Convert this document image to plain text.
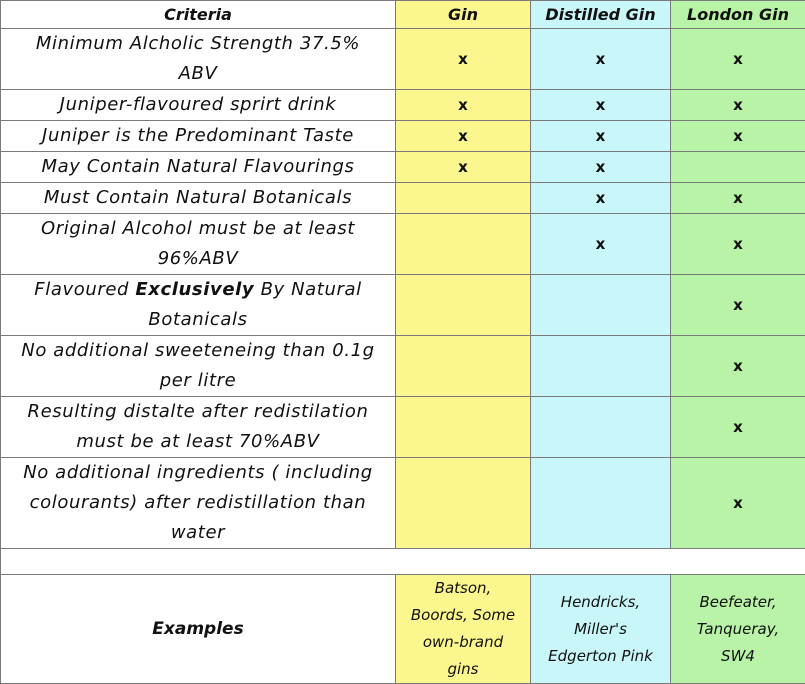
Criteria	Gin	Distilled Gin	London Gin

Minimum Alcholic Strength 37.5%
ABV	x	x	x

Juniper-flavoured sprirt drink	x	x	x

Juniper is the Predominant Taste	x	x	x

May Contain Natural Flavourings	x	x	

Must Contain Natural Botanicals		x	x

Original Alcohol must be at least
96%ABV		x	x

Flavoured Exclusively By Natural
Botanicals			x

No additional sweeteneing than 0.1g
per litre			x

Resulting distalte after redistilation
must be at least 70%ABV			x

No additional ingredients ( including
colourants) after redistillation than
water			x

Examples	Batson,
Boords, Some
own-brand
gins	Hendricks,
Miller's
Edgerton Pink	Beefeater,
Tanqueray,
SW4
